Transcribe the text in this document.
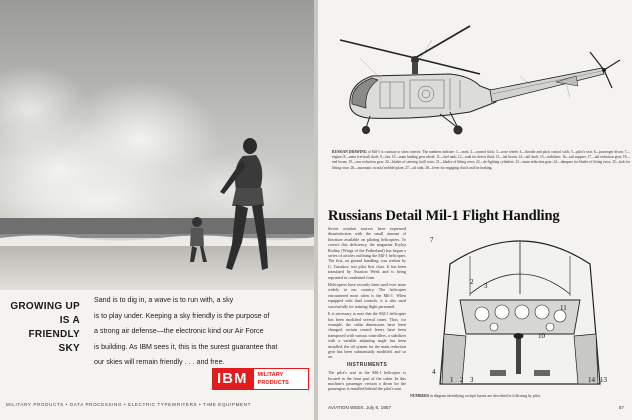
GROWING UP
IS A
FRIENDLY
SKY
Sand is to dig in, a wave is to run with, a sky
is to play under. Keeping a sky friendly is the purpose of
a strong air defense—the electronic kind our Air Force
is building. As IBM sees it, this is the surest guarantee that
our skies will remain friendly . . . and free.
IBM	MILITARY
PRODUCTS
MILITARY PRODUCTS • DATA PROCESSING • ELECTRIC TYPEWRITERS • TIME EQUIPMENT
RUSSIAN DRAWING of Mil-1 is cutaway to show interior. The numbers indicate: 1—seats; 2—control stick; 3—nose wheel; 4—throttle and pitch control stick; 5—pilot's seat; 6—passenger divan; 7—engine; 8—main (vertical) shaft; 9—fan; 10—main landing gear wheel; 11—fuel tank; 12—tank for deicer fluid; 13—tail boom; 14—tail shaft; 15—stabilizer; 16—tail support; 17—tail reduction gear; 18—end boom; 19—rear reduction gear; 20—blades of steering (tail) rotor; 21—blades of lifting rotor; 22—de-fighting cylinders; 23—main reduction gear; 24—dampers for blades of lifting rotor; 25—hub for lifting rotor; 26—automatic swash (wobble) plate; 27—oil tank; 28—lever for engaging clutch and for braking.
Russians Detail Mil-1 Flight Handling

Soviet aviation sources have expressed dissatisfaction with the small amount of literature available on piloting helicopters. To correct this deficiency, the magazine Krylya Rodiny (Wings of the Fatherland) has begun a series of articles outlining the Mil-1 helicopter. The first, on ground handling, was written by G. Tarsakov, test pilot first class. It has been translated by Aviation Week and is being reprinted in condensed form.

Helicopters have recently been used ever more widely in our country. The helicopter encountered most often is the Mil-1. When equipped with dual controls, it is also used successfully for training flight personnel.

It is necessary to note that the Mil-1 helicopter has been modified several times. Thus, for example, the cabin dimensions have been changed, certain control levers have been transposed with various controllers, a stabilizer with a variable adjusting angle has been installed, the oil system for the main reduction gear has been substantially modified, and so on.

INSTRUMENTS

The pilot's seat in the Mil-1 helicopter is located in the front part of the cabin. In this machine's passenger version a divan for the passengers is installed behind the pilot's seat.

7
2 3
11
10
4
1 2 3	14 13
NUMBERS in diagram identifying cockpit layout are described in following by pilot.
AVIATION WEEK, July 8, 1957	57
